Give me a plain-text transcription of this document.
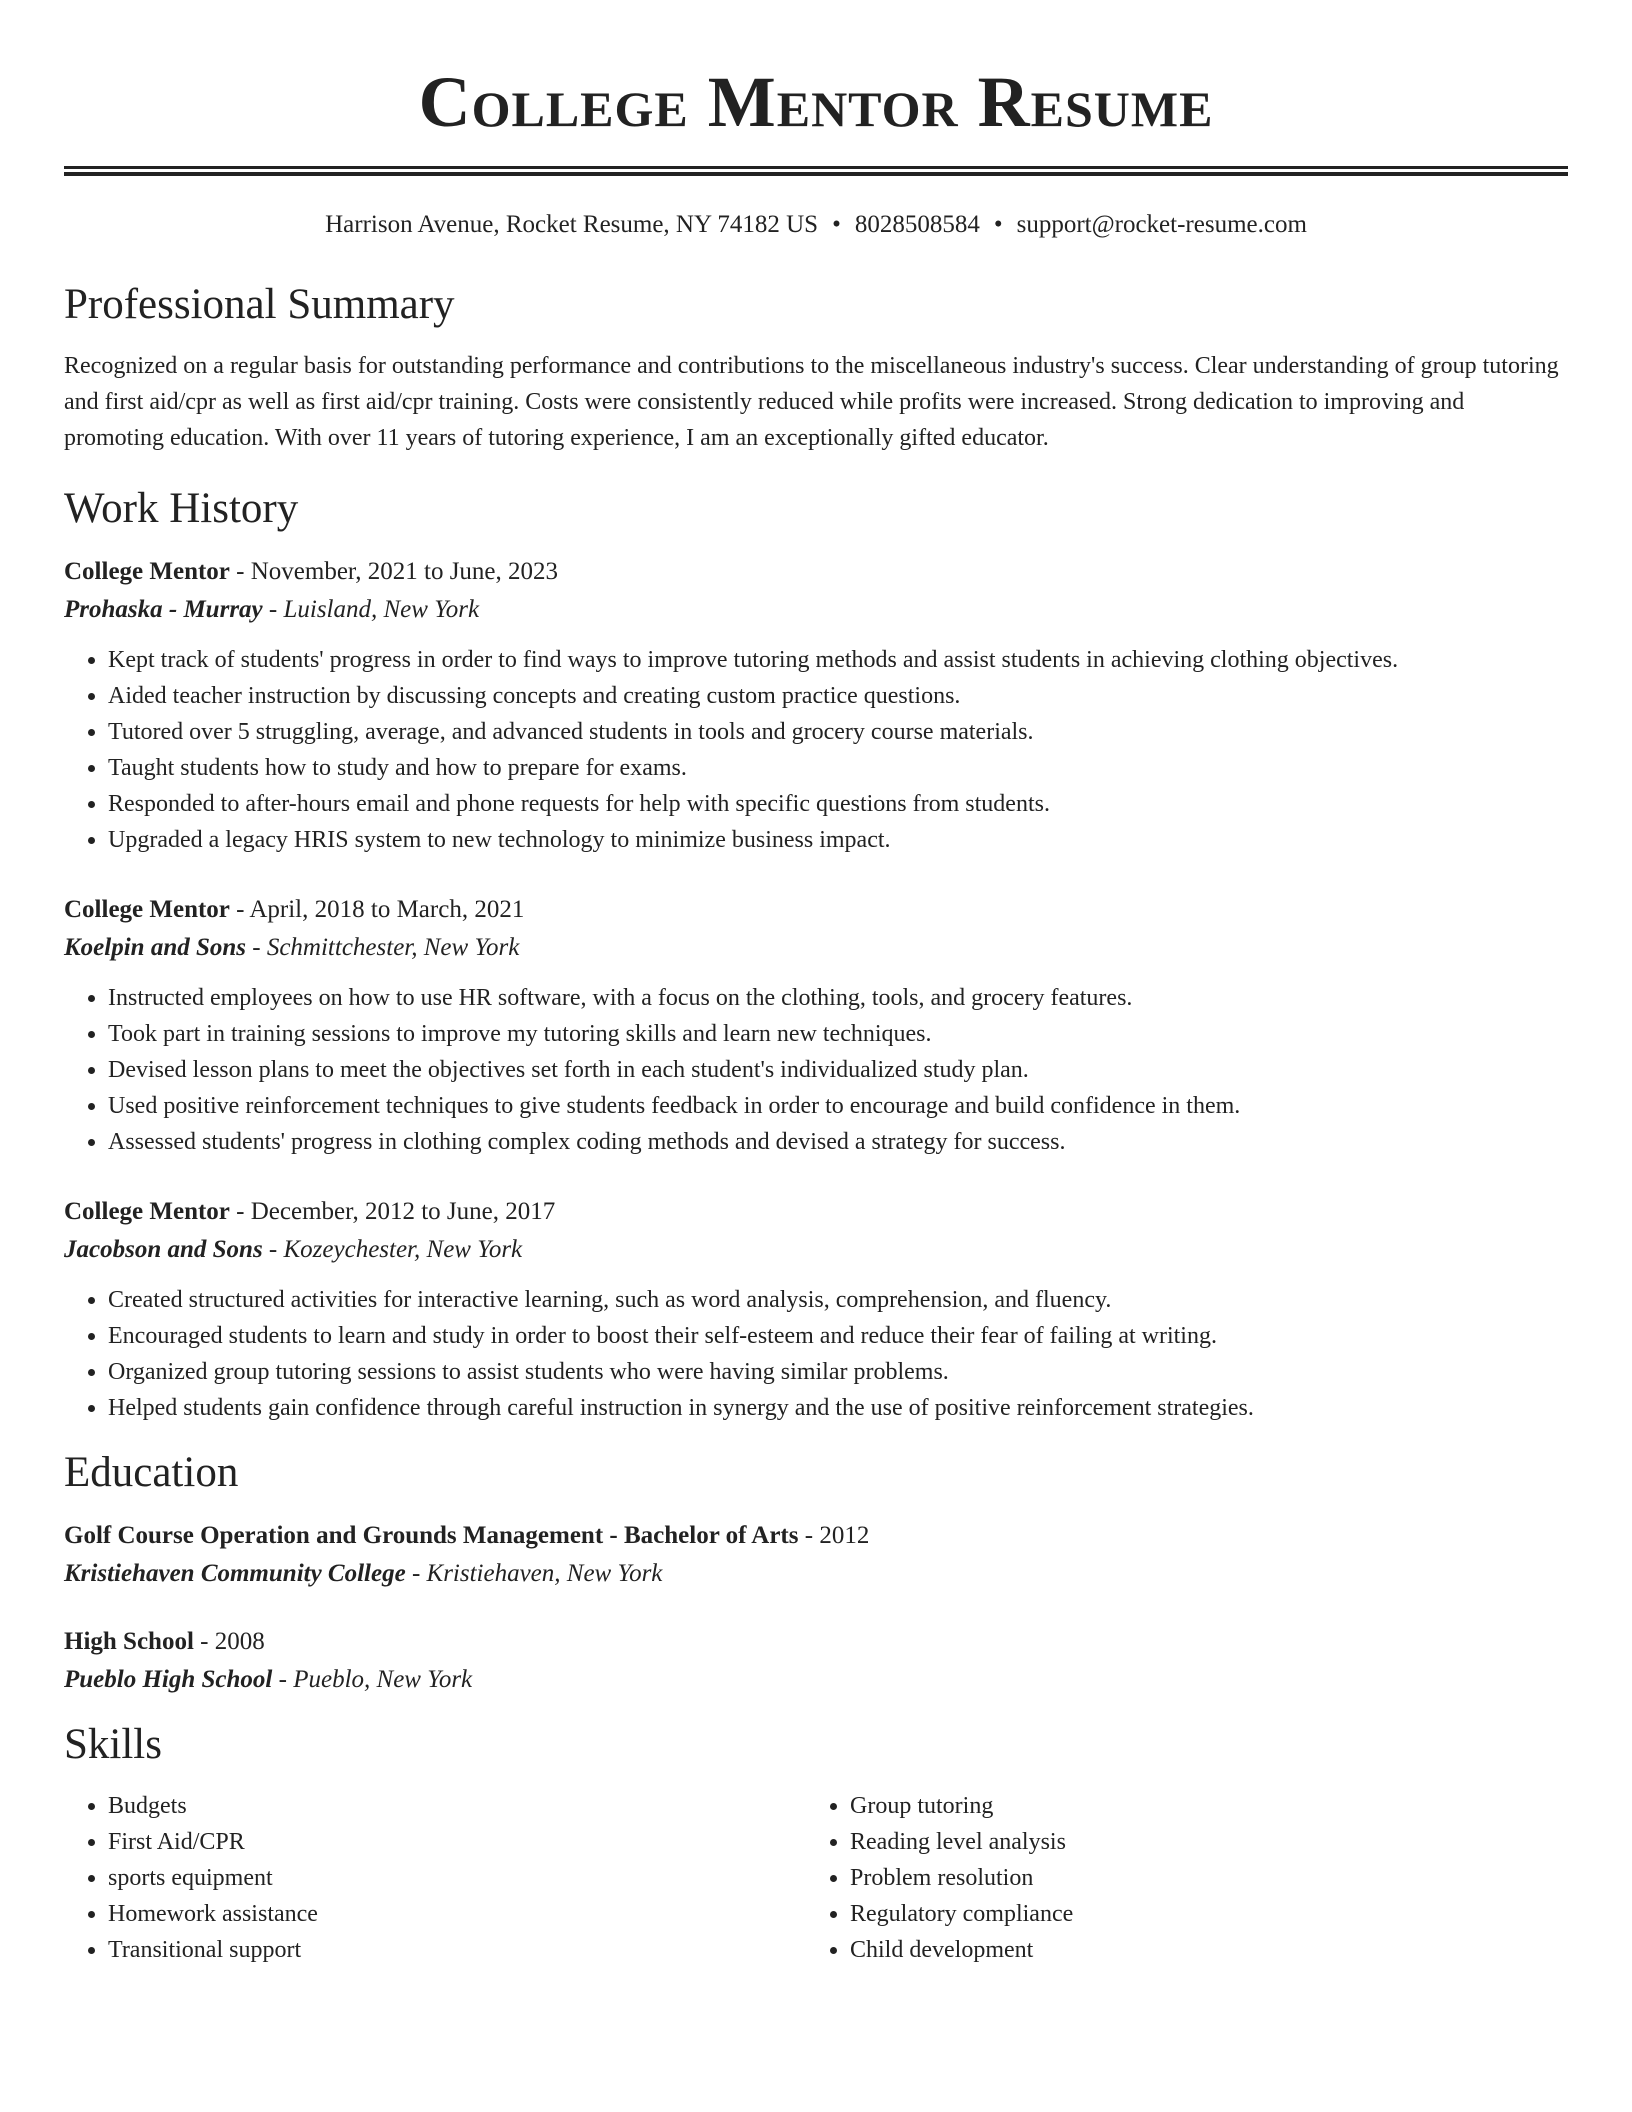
College Mentor Resume
Harrison Avenue, Rocket Resume, NY 74182 US • 8028508584 • support@rocket-resume.com
Professional Summary

Recognized on a regular basis for outstanding performance and contributions to the miscellaneous industry's success. Clear understanding of group tutoring and first aid/cpr as well as first aid/cpr training. Costs were consistently reduced while profits were increased. Strong dedication to improving and promoting education. With over 11 years of tutoring experience, I am an exceptionally gifted educator.

Work History
College Mentor - November, 2021 to June, 2023
Prohaska - Murray - Luisland, New York
• Kept track of students' progress in order to find ways to improve tutoring methods and assist students in achieving clothing objectives.
• Aided teacher instruction by discussing concepts and creating custom practice questions.
• Tutored over 5 struggling, average, and advanced students in tools and grocery course materials.
• Taught students how to study and how to prepare for exams.
• Responded to after-hours email and phone requests for help with specific questions from students.
• Upgraded a legacy HRIS system to new technology to minimize business impact.
College Mentor - April, 2018 to March, 2021
Koelpin and Sons - Schmittchester, New York
• Instructed employees on how to use HR software, with a focus on the clothing, tools, and grocery features.
• Took part in training sessions to improve my tutoring skills and learn new techniques.
• Devised lesson plans to meet the objectives set forth in each student's individualized study plan.
• Used positive reinforcement techniques to give students feedback in order to encourage and build confidence in them.
• Assessed students' progress in clothing complex coding methods and devised a strategy for success.
College Mentor - December, 2012 to June, 2017
Jacobson and Sons - Kozeychester, New York
• Created structured activities for interactive learning, such as word analysis, comprehension, and fluency.
• Encouraged students to learn and study in order to boost their self-esteem and reduce their fear of failing at writing.
• Organized group tutoring sessions to assist students who were having similar problems.
• Helped students gain confidence through careful instruction in synergy and the use of positive reinforcement strategies.
Education
Golf Course Operation and Grounds Management - Bachelor of Arts - 2012
Kristiehaven Community College - Kristiehaven, New York
High School - 2008
Pueblo High School - Pueblo, New York
Skills
• Budgets
• First Aid/CPR
• sports equipment
• Homework assistance
• Transitional support
• Group tutoring
• Reading level analysis
• Problem resolution
• Regulatory compliance
• Child development
